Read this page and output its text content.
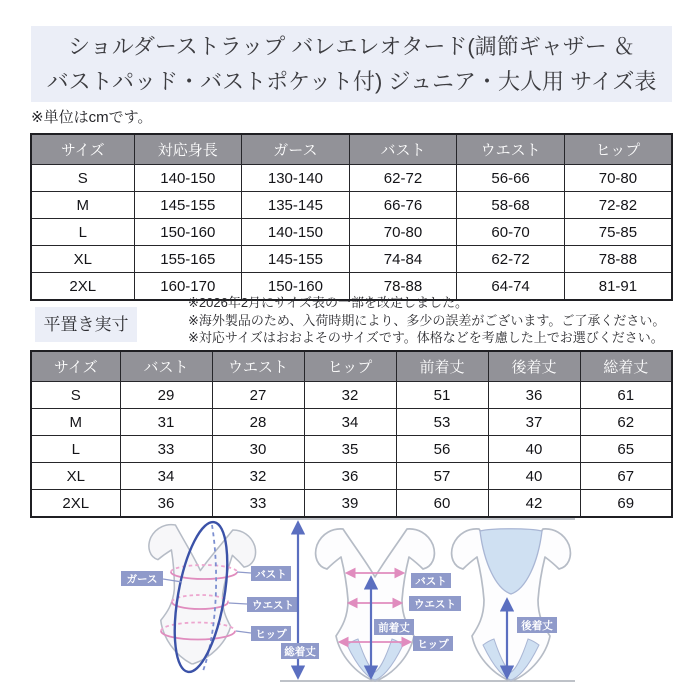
ショルダーストラップ バレエレオタード(調節ギャザー ＆
バストパッド・バストポケット付) ジュニア・大人用 サイズ表
※単位はcmです。
サイズ	対応身長	ガース	バスト	ウエスト	ヒップ
S	140-150	130-140	62-72	56-66	70-80
M	145-155	135-145	66-76	58-68	72-82
L	150-160	140-150	70-80	60-70	75-85
XL	155-165	145-155	74-84	62-72	78-88
2XL	160-170	150-160	78-88	64-74	81-91
※2026年2月にサイズ表の一部を改定しました。
※海外製品のため、入荷時期により、多少の誤差がございます。ご了承ください。
※対応サイズはおおよそのサイズです。体格などを考慮した上でお選びください。
平置き実寸
サイズ	バスト	ウエスト	ヒップ	前着丈	後着丈	総着丈
S	29	27	32	51	36	61
M	31	28	34	53	37	62
L	33	30	35	56	40	65
XL	34	32	36	57	40	67
2XL	36	33	39	60	42	69
ガース	バスト
ウエスト
ヒップ
総着丈
前着丈
バスト
ウエスト
ヒップ
後着丈
